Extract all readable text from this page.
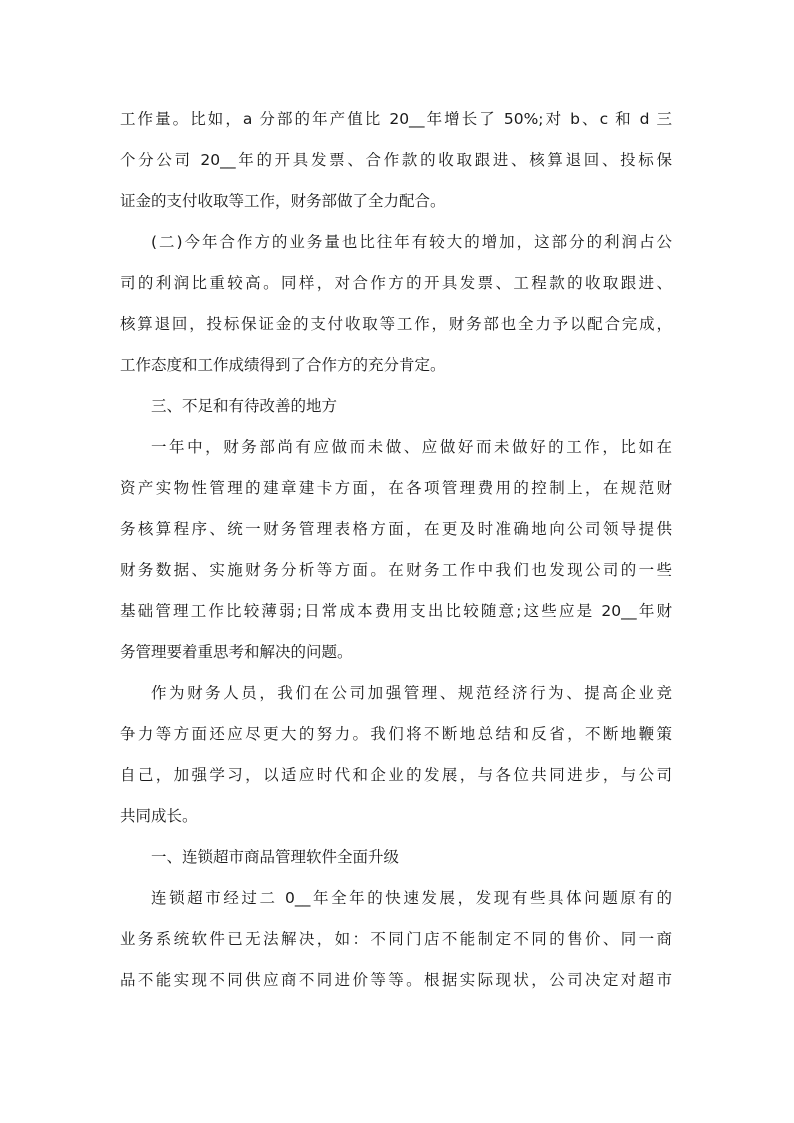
工作量。比如，a 分部的年产值比 20__年增长了 50%;对 b、c 和 d 三
个分公司 20__年的开具发票、合作款的收取跟进、核算退回、投标保
证金的支付收取等工作，财务部做了全力配合。
(二)今年合作方的业务量也比往年有较大的增加，这部分的利润占公
司的利润比重较高。同样，对合作方的开具发票、工程款的收取跟进、
核算退回，投标保证金的支付收取等工作，财务部也全力予以配合完成，
工作态度和工作成绩得到了合作方的充分肯定。
三、不足和有待改善的地方
一年中，财务部尚有应做而未做、应做好而未做好的工作，比如在
资产实物性管理的建章建卡方面，在各项管理费用的控制上，在规范财
务核算程序、统一财务管理表格方面，在更及时准确地向公司领导提供
财务数据、实施财务分析等方面。在财务工作中我们也发现公司的一些
基础管理工作比较薄弱;日常成本费用支出比较随意;这些应是 20__年财
务管理要着重思考和解决的问题。
作为财务人员，我们在公司加强管理、规范经济行为、提高企业竞
争力等方面还应尽更大的努力。我们将不断地总结和反省，不断地鞭策
自己，加强学习，以适应时代和企业的发展，与各位共同进步，与公司
共同成长。
一、连锁超市商品管理软件全面升级
连锁超市经过二 0__年全年的快速发展，发现有些具体问题原有的
业务系统软件已无法解决，如：不同门店不能制定不同的售价、同一商
品不能实现不同供应商不同进价等等。根据实际现状，公司决定对超市
